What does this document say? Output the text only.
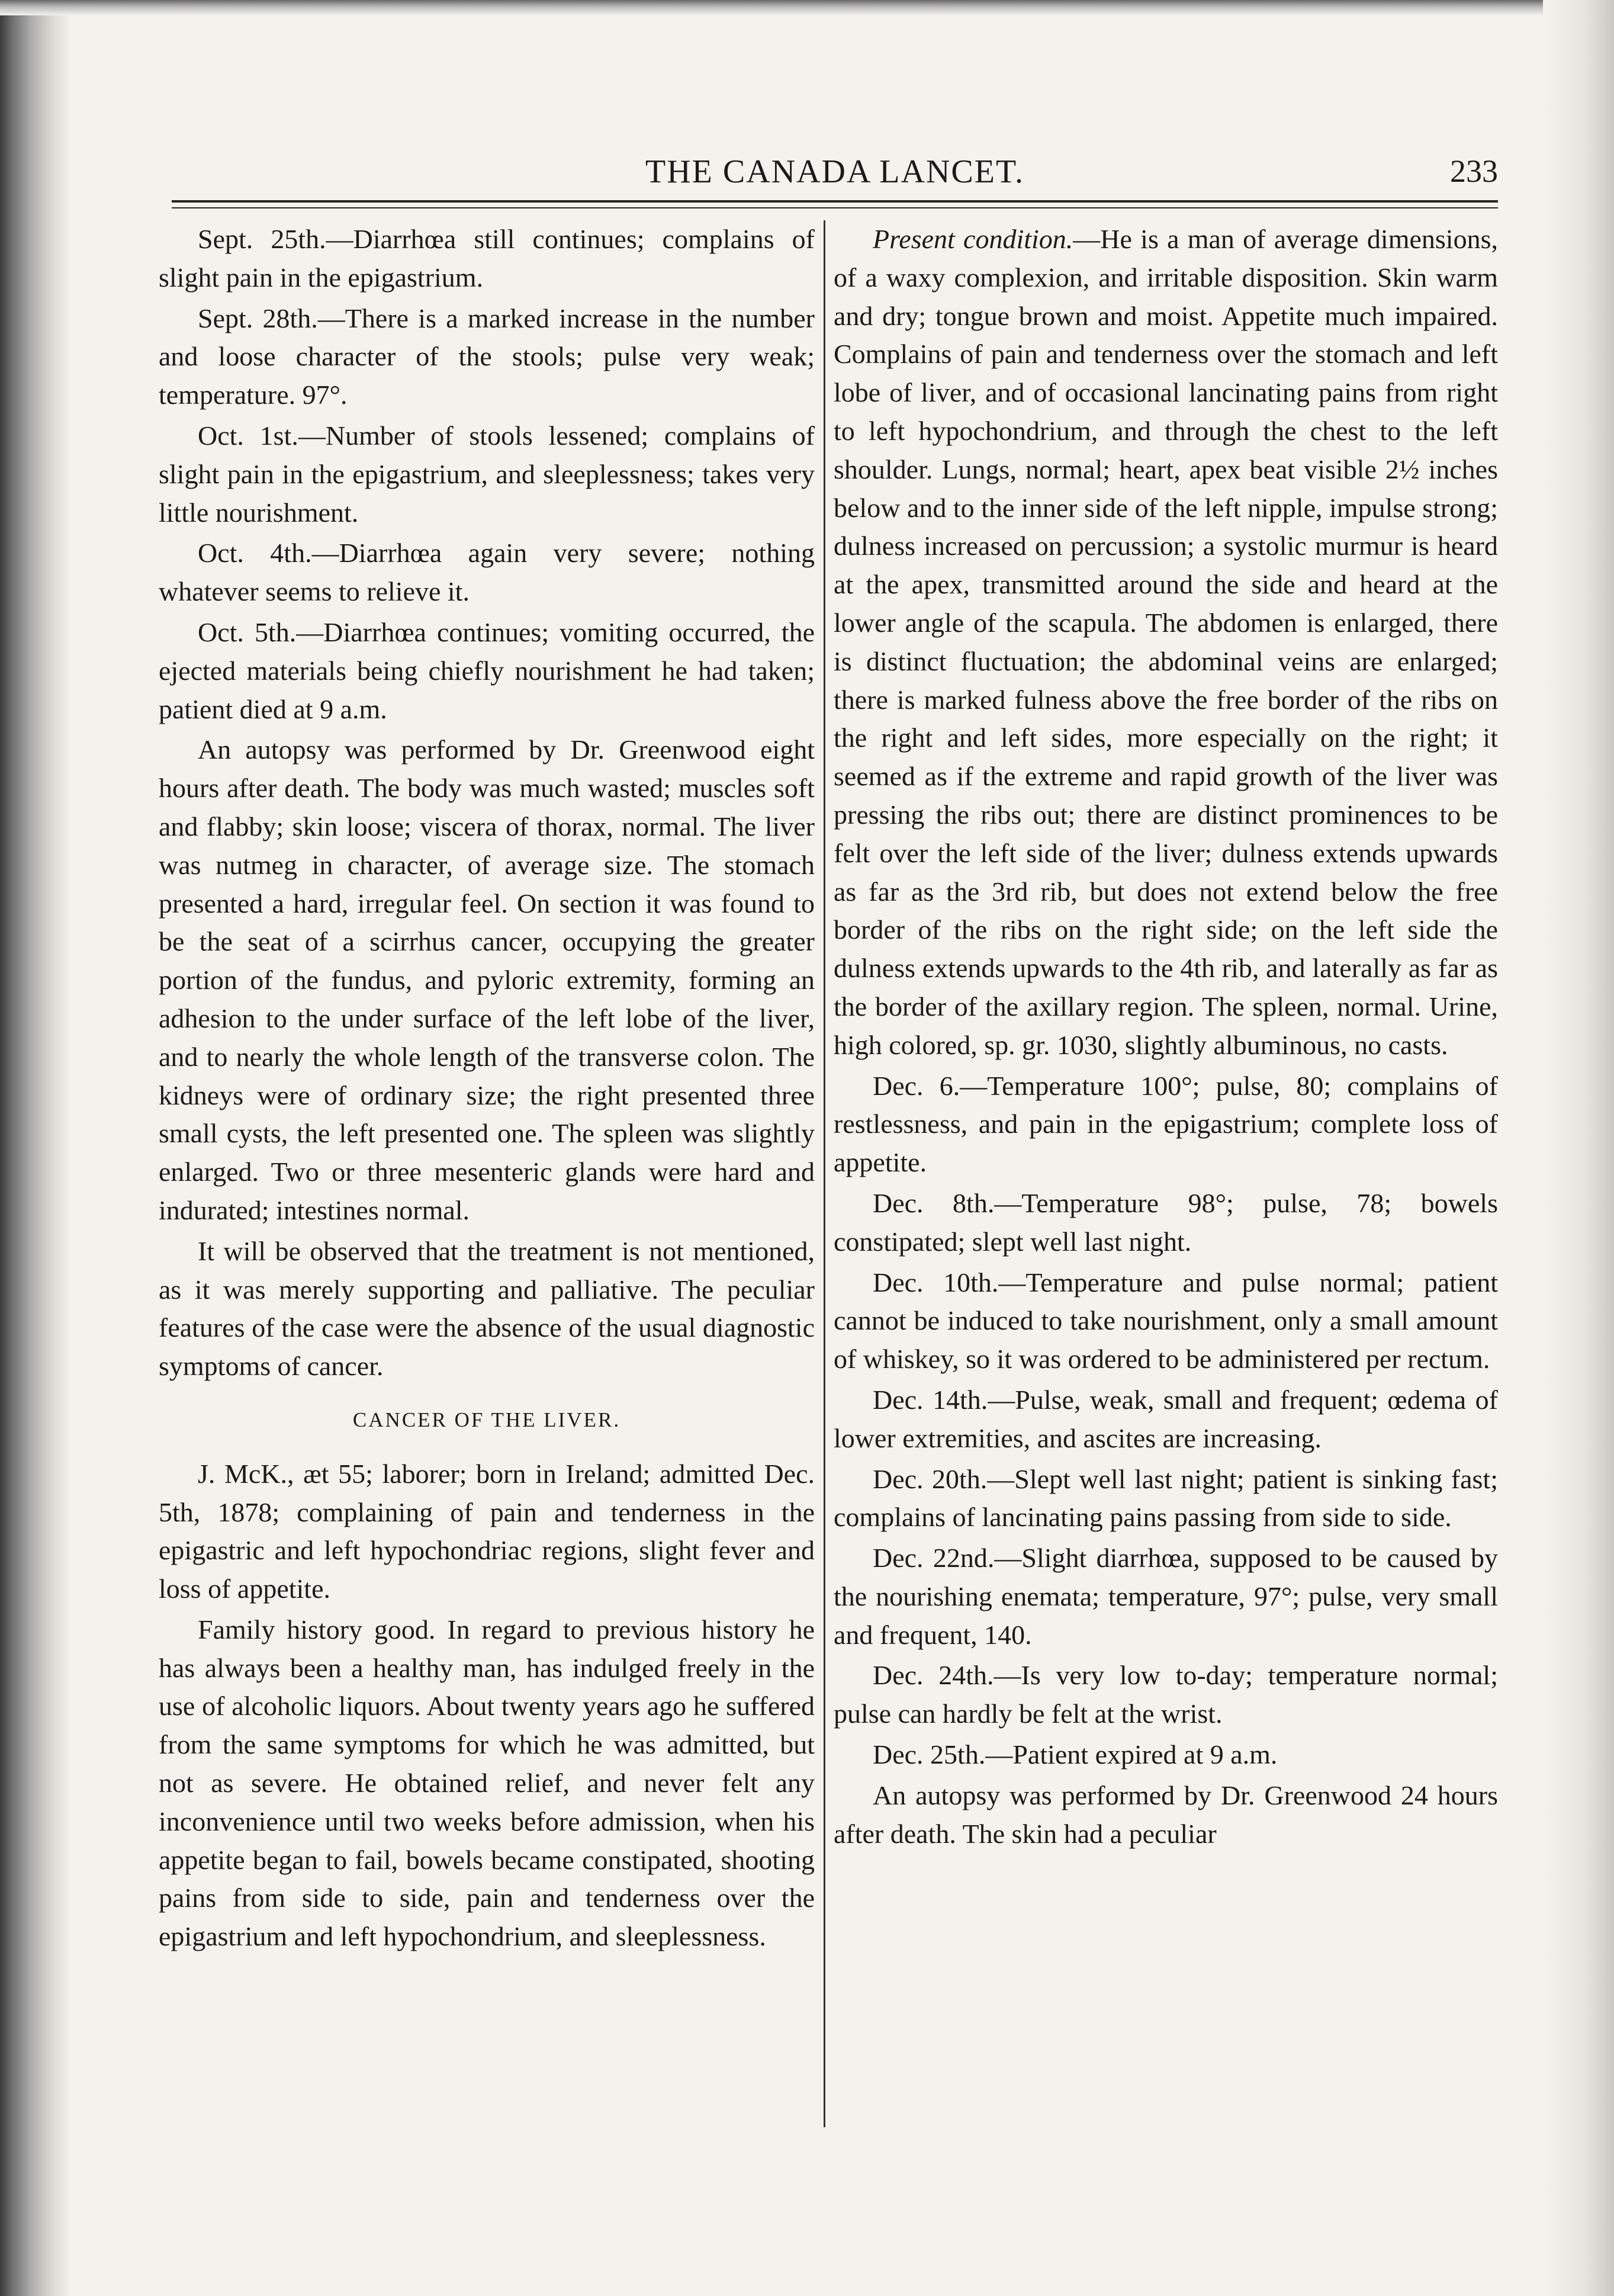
THE CANADA LANCET.	233

Sept. 25th.—Diarrhœa still continues; complains of slight pain in the epigastrium.

Sept. 28th.—There is a marked increase in the number and loose character of the stools; pulse very weak; temperature. 97°.

Oct. 1st.—Number of stools lessened; complains of slight pain in the epigastrium, and sleeplessness; takes very little nourishment.

Oct. 4th.—Diarrhœa again very severe; nothing whatever seems to relieve it.

Oct. 5th.—Diarrhœa continues; vomiting occurred, the ejected materials being chiefly nourishment he had taken; patient died at 9 a.m.

An autopsy was performed by Dr. Greenwood eight hours after death. The body was much wasted; muscles soft and flabby; skin loose; viscera of thorax, normal. The liver was nutmeg in character, of average size. The stomach presented a hard, irregular feel. On section it was found to be the seat of a scirrhus cancer, occupying the greater portion of the fundus, and pyloric extremity, forming an adhesion to the under surface of the left lobe of the liver, and to nearly the whole length of the transverse colon. The kidneys were of ordinary size; the right presented three small cysts, the left presented one. The spleen was slightly enlarged. Two or three mesenteric glands were hard and indurated; intestines normal.

It will be observed that the treatment is not mentioned, as it was merely supporting and palliative. The peculiar features of the case were the absence of the usual diagnostic symptoms of cancer.

CANCER OF THE LIVER.

J. McK., æt 55; laborer; born in Ireland; admitted Dec. 5th, 1878; complaining of pain and tenderness in the epigastric and left hypochondriac regions, slight fever and loss of appetite.

Family history good. In regard to previous history he has always been a healthy man, has indulged freely in the use of alcoholic liquors. About twenty years ago he suffered from the same symptoms for which he was admitted, but not as severe. He obtained relief, and never felt any inconvenience until two weeks before admission, when his appetite began to fail, bowels became constipated, shooting pains from side to side, pain and tenderness over the epigastrium and left hypochondrium, and sleeplessness.

Present condition.—He is a man of average dimensions, of a waxy complexion, and irritable disposition. Skin warm and dry; tongue brown and moist. Appetite much impaired. Complains of pain and tenderness over the stomach and left lobe of liver, and of occasional lancinating pains from right to left hypochondrium, and through the chest to the left shoulder. Lungs, normal; heart, apex beat visible 2½ inches below and to the inner side of the left nipple, impulse strong; dulness increased on percussion; a systolic murmur is heard at the apex, transmitted around the side and heard at the lower angle of the scapula. The abdomen is enlarged, there is distinct fluctuation; the abdominal veins are enlarged; there is marked fulness above the free border of the ribs on the right and left sides, more especially on the right; it seemed as if the extreme and rapid growth of the liver was pressing the ribs out; there are distinct prominences to be felt over the left side of the liver; dulness extends upwards as far as the 3rd rib, but does not extend below the free border of the ribs on the right side; on the left side the dulness extends upwards to the 4th rib, and laterally as far as the border of the axillary region. The spleen, normal. Urine, high colored, sp. gr. 1030, slightly albuminous, no casts.

Dec. 6.—Temperature 100°; pulse, 80; complains of restlessness, and pain in the epigastrium; complete loss of appetite.

Dec. 8th.—Temperature 98°; pulse, 78; bowels constipated; slept well last night.

Dec. 10th.—Temperature and pulse normal; patient cannot be induced to take nourishment, only a small amount of whiskey, so it was ordered to be administered per rectum.

Dec. 14th.—Pulse, weak, small and frequent; œdema of lower extremities, and ascites are increasing.

Dec. 20th.—Slept well last night; patient is sinking fast; complains of lancinating pains passing from side to side.

Dec. 22nd.—Slight diarrhœa, supposed to be caused by the nourishing enemata; temperature, 97°; pulse, very small and frequent, 140.

Dec. 24th.—Is very low to-day; temperature normal; pulse can hardly be felt at the wrist.

Dec. 25th.—Patient expired at 9 a.m.

An autopsy was performed by Dr. Greenwood 24 hours after death. The skin had a peculiar
